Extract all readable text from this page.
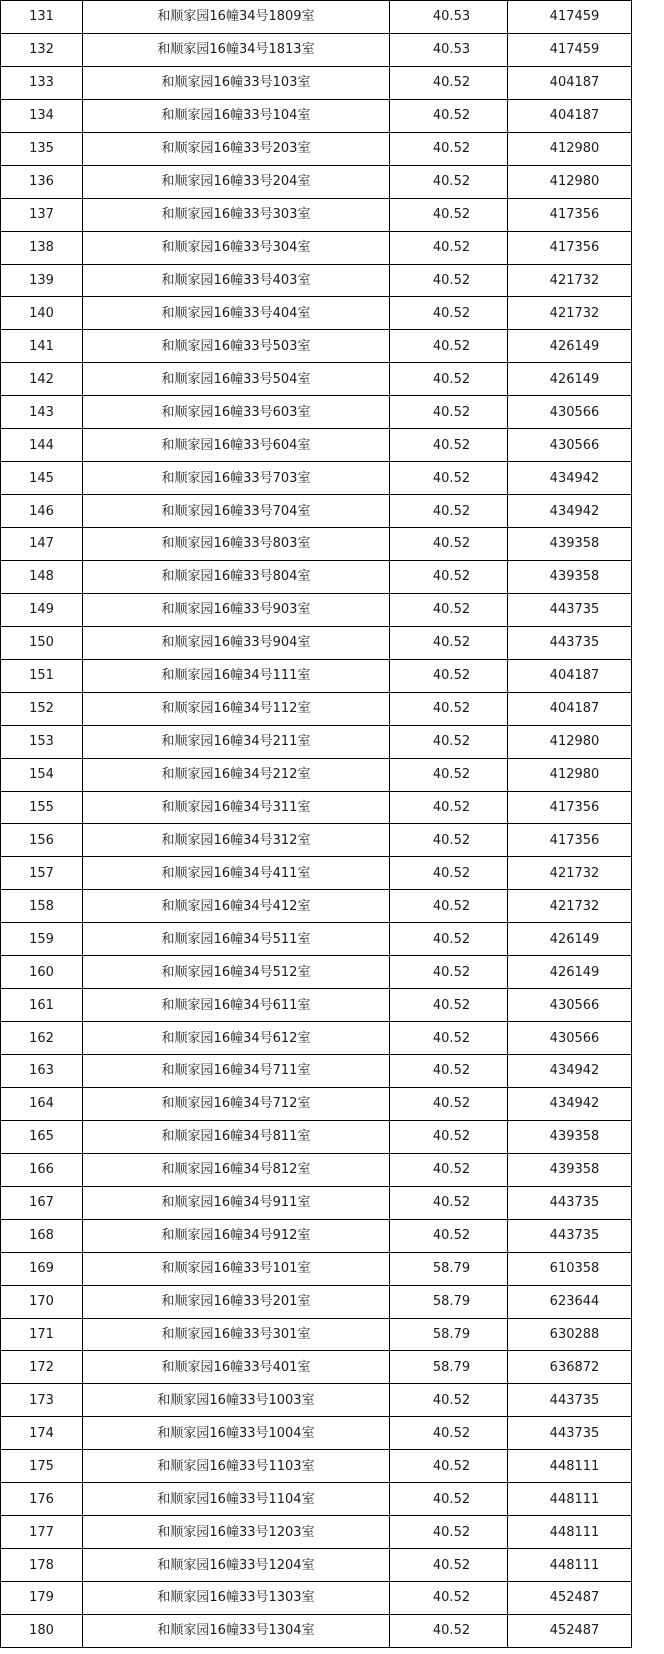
131	和顺家园16幢34号1809室	40.53	417459
132	和顺家园16幢34号1813室	40.53	417459
133	和顺家园16幢33号103室	40.52	404187
134	和顺家园16幢33号104室	40.52	404187
135	和顺家园16幢33号203室	40.52	412980
136	和顺家园16幢33号204室	40.52	412980
137	和顺家园16幢33号303室	40.52	417356
138	和顺家园16幢33号304室	40.52	417356
139	和顺家园16幢33号403室	40.52	421732
140	和顺家园16幢33号404室	40.52	421732
141	和顺家园16幢33号503室	40.52	426149
142	和顺家园16幢33号504室	40.52	426149
143	和顺家园16幢33号603室	40.52	430566
144	和顺家园16幢33号604室	40.52	430566
145	和顺家园16幢33号703室	40.52	434942
146	和顺家园16幢33号704室	40.52	434942
147	和顺家园16幢33号803室	40.52	439358
148	和顺家园16幢33号804室	40.52	439358
149	和顺家园16幢33号903室	40.52	443735
150	和顺家园16幢33号904室	40.52	443735
151	和顺家园16幢34号111室	40.52	404187
152	和顺家园16幢34号112室	40.52	404187
153	和顺家园16幢34号211室	40.52	412980
154	和顺家园16幢34号212室	40.52	412980
155	和顺家园16幢34号311室	40.52	417356
156	和顺家园16幢34号312室	40.52	417356
157	和顺家园16幢34号411室	40.52	421732
158	和顺家园16幢34号412室	40.52	421732
159	和顺家园16幢34号511室	40.52	426149
160	和顺家园16幢34号512室	40.52	426149
161	和顺家园16幢34号611室	40.52	430566
162	和顺家园16幢34号612室	40.52	430566
163	和顺家园16幢34号711室	40.52	434942
164	和顺家园16幢34号712室	40.52	434942
165	和顺家园16幢34号811室	40.52	439358
166	和顺家园16幢34号812室	40.52	439358
167	和顺家园16幢34号911室	40.52	443735
168	和顺家园16幢34号912室	40.52	443735
169	和顺家园16幢33号101室	58.79	610358
170	和顺家园16幢33号201室	58.79	623644
171	和顺家园16幢33号301室	58.79	630288
172	和顺家园16幢33号401室	58.79	636872
173	和顺家园16幢33号1003室	40.52	443735
174	和顺家园16幢33号1004室	40.52	443735
175	和顺家园16幢33号1103室	40.52	448111
176	和顺家园16幢33号1104室	40.52	448111
177	和顺家园16幢33号1203室	40.52	448111
178	和顺家园16幢33号1204室	40.52	448111
179	和顺家园16幢33号1303室	40.52	452487
180	和顺家园16幢33号1304室	40.52	452487
